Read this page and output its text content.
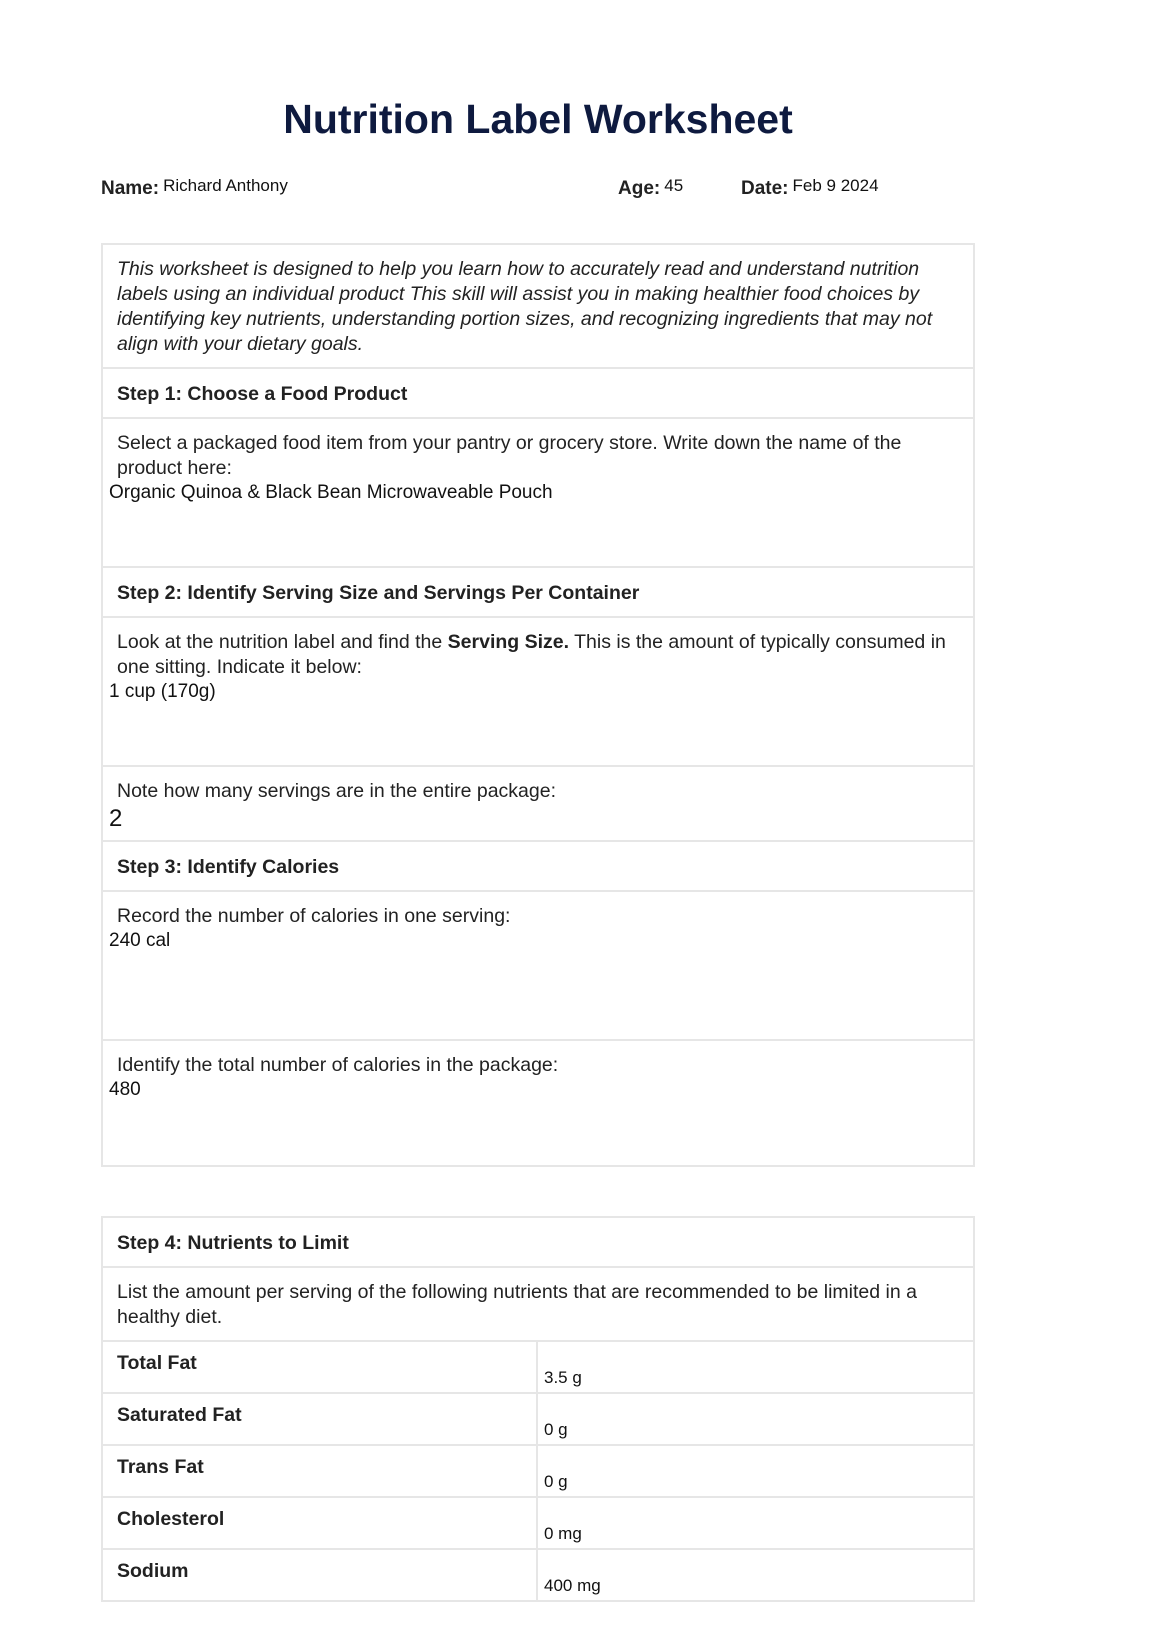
Nutrition Label Worksheet
Name: Richard Anthony	Age: 45	Date: Feb 9 2024
This worksheet is designed to help you learn how to accurately read and understand nutrition labels using an individual product This skill will assist you in making healthier food choices by identifying key nutrients, understanding portion sizes, and recognizing ingredients that may not align with your dietary goals.
Step 1: Choose a Food Product
Select a packaged food item from your pantry or grocery store. Write down the name of the product here:
Organic Quinoa & Black Bean Microwaveable Pouch
Step 2: Identify Serving Size and Servings Per Container
Look at the nutrition label and find the Serving Size. This is the amount of typically consumed in one sitting. Indicate it below:
1 cup (170g)
Note how many servings are in the entire package:
2
Step 3: Identify Calories
Record the number of calories in one serving:
240 cal
Identify the total number of calories in the package:
480
Step 4: Nutrients to Limit
List the amount per serving of the following nutrients that are recommended to be limited in a healthy diet.
Total Fat
3.5 g
Saturated Fat
0 g
Trans Fat
0 g
Cholesterol
0 mg
Sodium
400 mg
